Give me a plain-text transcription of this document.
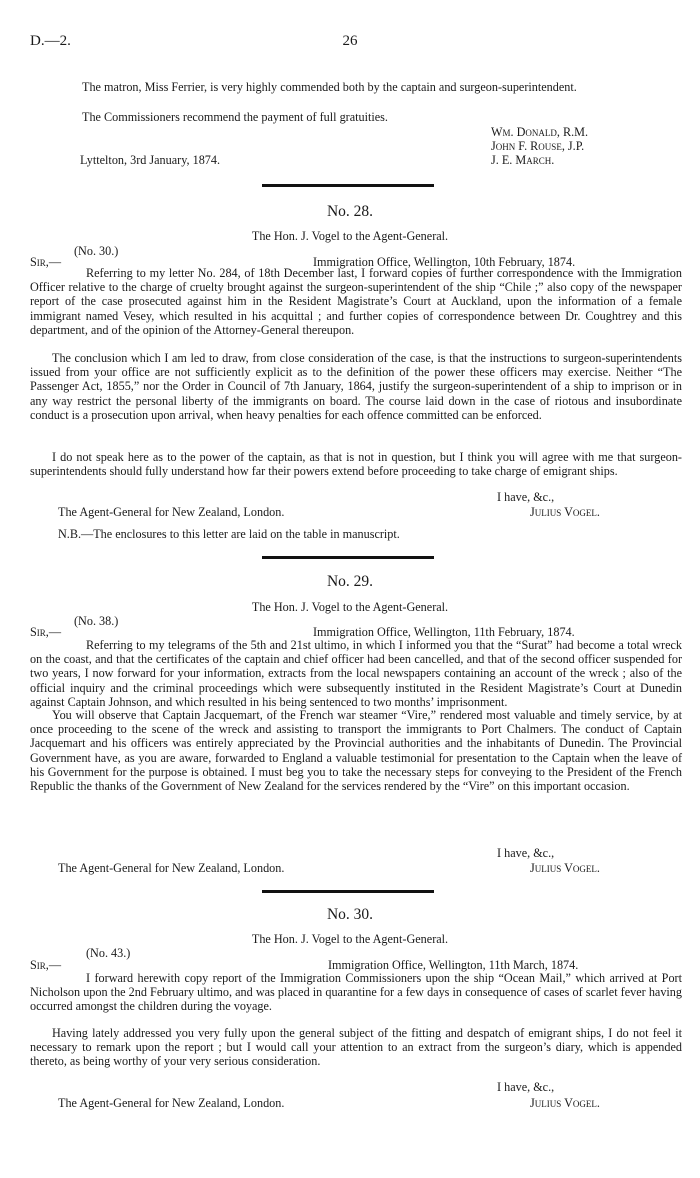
D.—2.	26
The matron, Miss Ferrier, is very highly commended both by the captain and surgeon-superintendent.
The Commissioners recommend the payment of full gratuities.
Wm. Donald, R.M.
John F. Rouse, J.P.
J. E. March.
Lyttelton, 3rd January, 1874.
No. 28.
The Hon. J. Vogel to the Agent-General.
(No. 30.)
Sir,—	Immigration Office, Wellington, 10th February, 1874.
Referring to my letter No. 284, of 18th December last, I forward copies of further correspondence with the Immigration Officer relative to the charge of cruelty brought against the surgeon-superintendent of the ship “Chile ;” also copy of the newspaper report of the case prosecuted against him in the Resident Magistrate’s Court at Auckland, upon the information of a female immigrant named Vesey, which resulted in his acquittal ; and further copies of correspondence between Dr. Coughtrey and this department, and of the opinion of the Attorney-General thereupon.
The conclusion which I am led to draw, from close consideration of the case, is that the instructions to surgeon-superintendents issued from your office are not sufficiently explicit as to the definition of the power these officers may exercise. Neither “The Passenger Act, 1855,” nor the Order in Council of 7th January, 1864, justify the surgeon-superintendent of a ship to imprison or in any way restrict the personal liberty of the immigrants on board. The course laid down in the case of riotous and insubordinate conduct is a prosecution upon arrival, when heavy penalties for each offence committed can be enforced.
I do not speak here as to the power of the captain, as that is not in question, but I think you will agree with me that surgeon-superintendents should fully understand how far their powers extend before proceeding to take charge of emigrant ships.
I have, &c.,
The Agent-General for New Zealand, London.	Julius Vogel.
N.B.—The enclosures to this letter are laid on the table in manuscript.
No. 29.
The Hon. J. Vogel to the Agent-General.
(No. 38.)
Sir,—	Immigration Office, Wellington, 11th February, 1874.
Referring to my telegrams of the 5th and 21st ultimo, in which I informed you that the “Surat” had become a total wreck on the coast, and that the certificates of the captain and chief officer had been cancelled, and that of the second officer suspended for two years, I now forward for your information, extracts from the local newspapers containing an account of the wreck ; also of the official inquiry and the criminal proceedings which were subsequently instituted in the Resident Magistrate’s Court at Dunedin against Captain Johnson, and which resulted in his being sentenced to two months’ imprisonment.
You will observe that Captain Jacquemart, of the French war steamer “Vire,” rendered most valuable and timely service, by at once proceeding to the scene of the wreck and assisting to transport the immigrants to Port Chalmers. The conduct of Captain Jacquemart and his officers was entirely appreciated by the Provincial authorities and the inhabitants of Dunedin. The Provincial Government have, as you are aware, forwarded to England a valuable testimonial for presentation to the Captain when the leave of his Government for the purpose is obtained. I must beg you to take the necessary steps for conveying to the President of the French Republic the thanks of the Government of New Zealand for the services rendered by the “Vire” on this important occasion.
I have, &c.,
The Agent-General for New Zealand, London.	Julius Vogel.
No. 30.
The Hon. J. Vogel to the Agent-General.
(No. 43.)
Sir,—	Immigration Office, Wellington, 11th March, 1874.
I forward herewith copy report of the Immigration Commissioners upon the ship “Ocean Mail,” which arrived at Port Nicholson upon the 2nd February ultimo, and was placed in quarantine for a few days in consequence of cases of scarlet fever having occurred amongst the children during the voyage.
Having lately addressed you very fully upon the general subject of the fitting and despatch of emigrant ships, I do not feel it necessary to remark upon the report ; but I would call your attention to an extract from the surgeon’s diary, which is appended thereto, as being worthy of your very serious consideration.
I have, &c.,
The Agent-General for New Zealand, London.	Julius Vogel.
